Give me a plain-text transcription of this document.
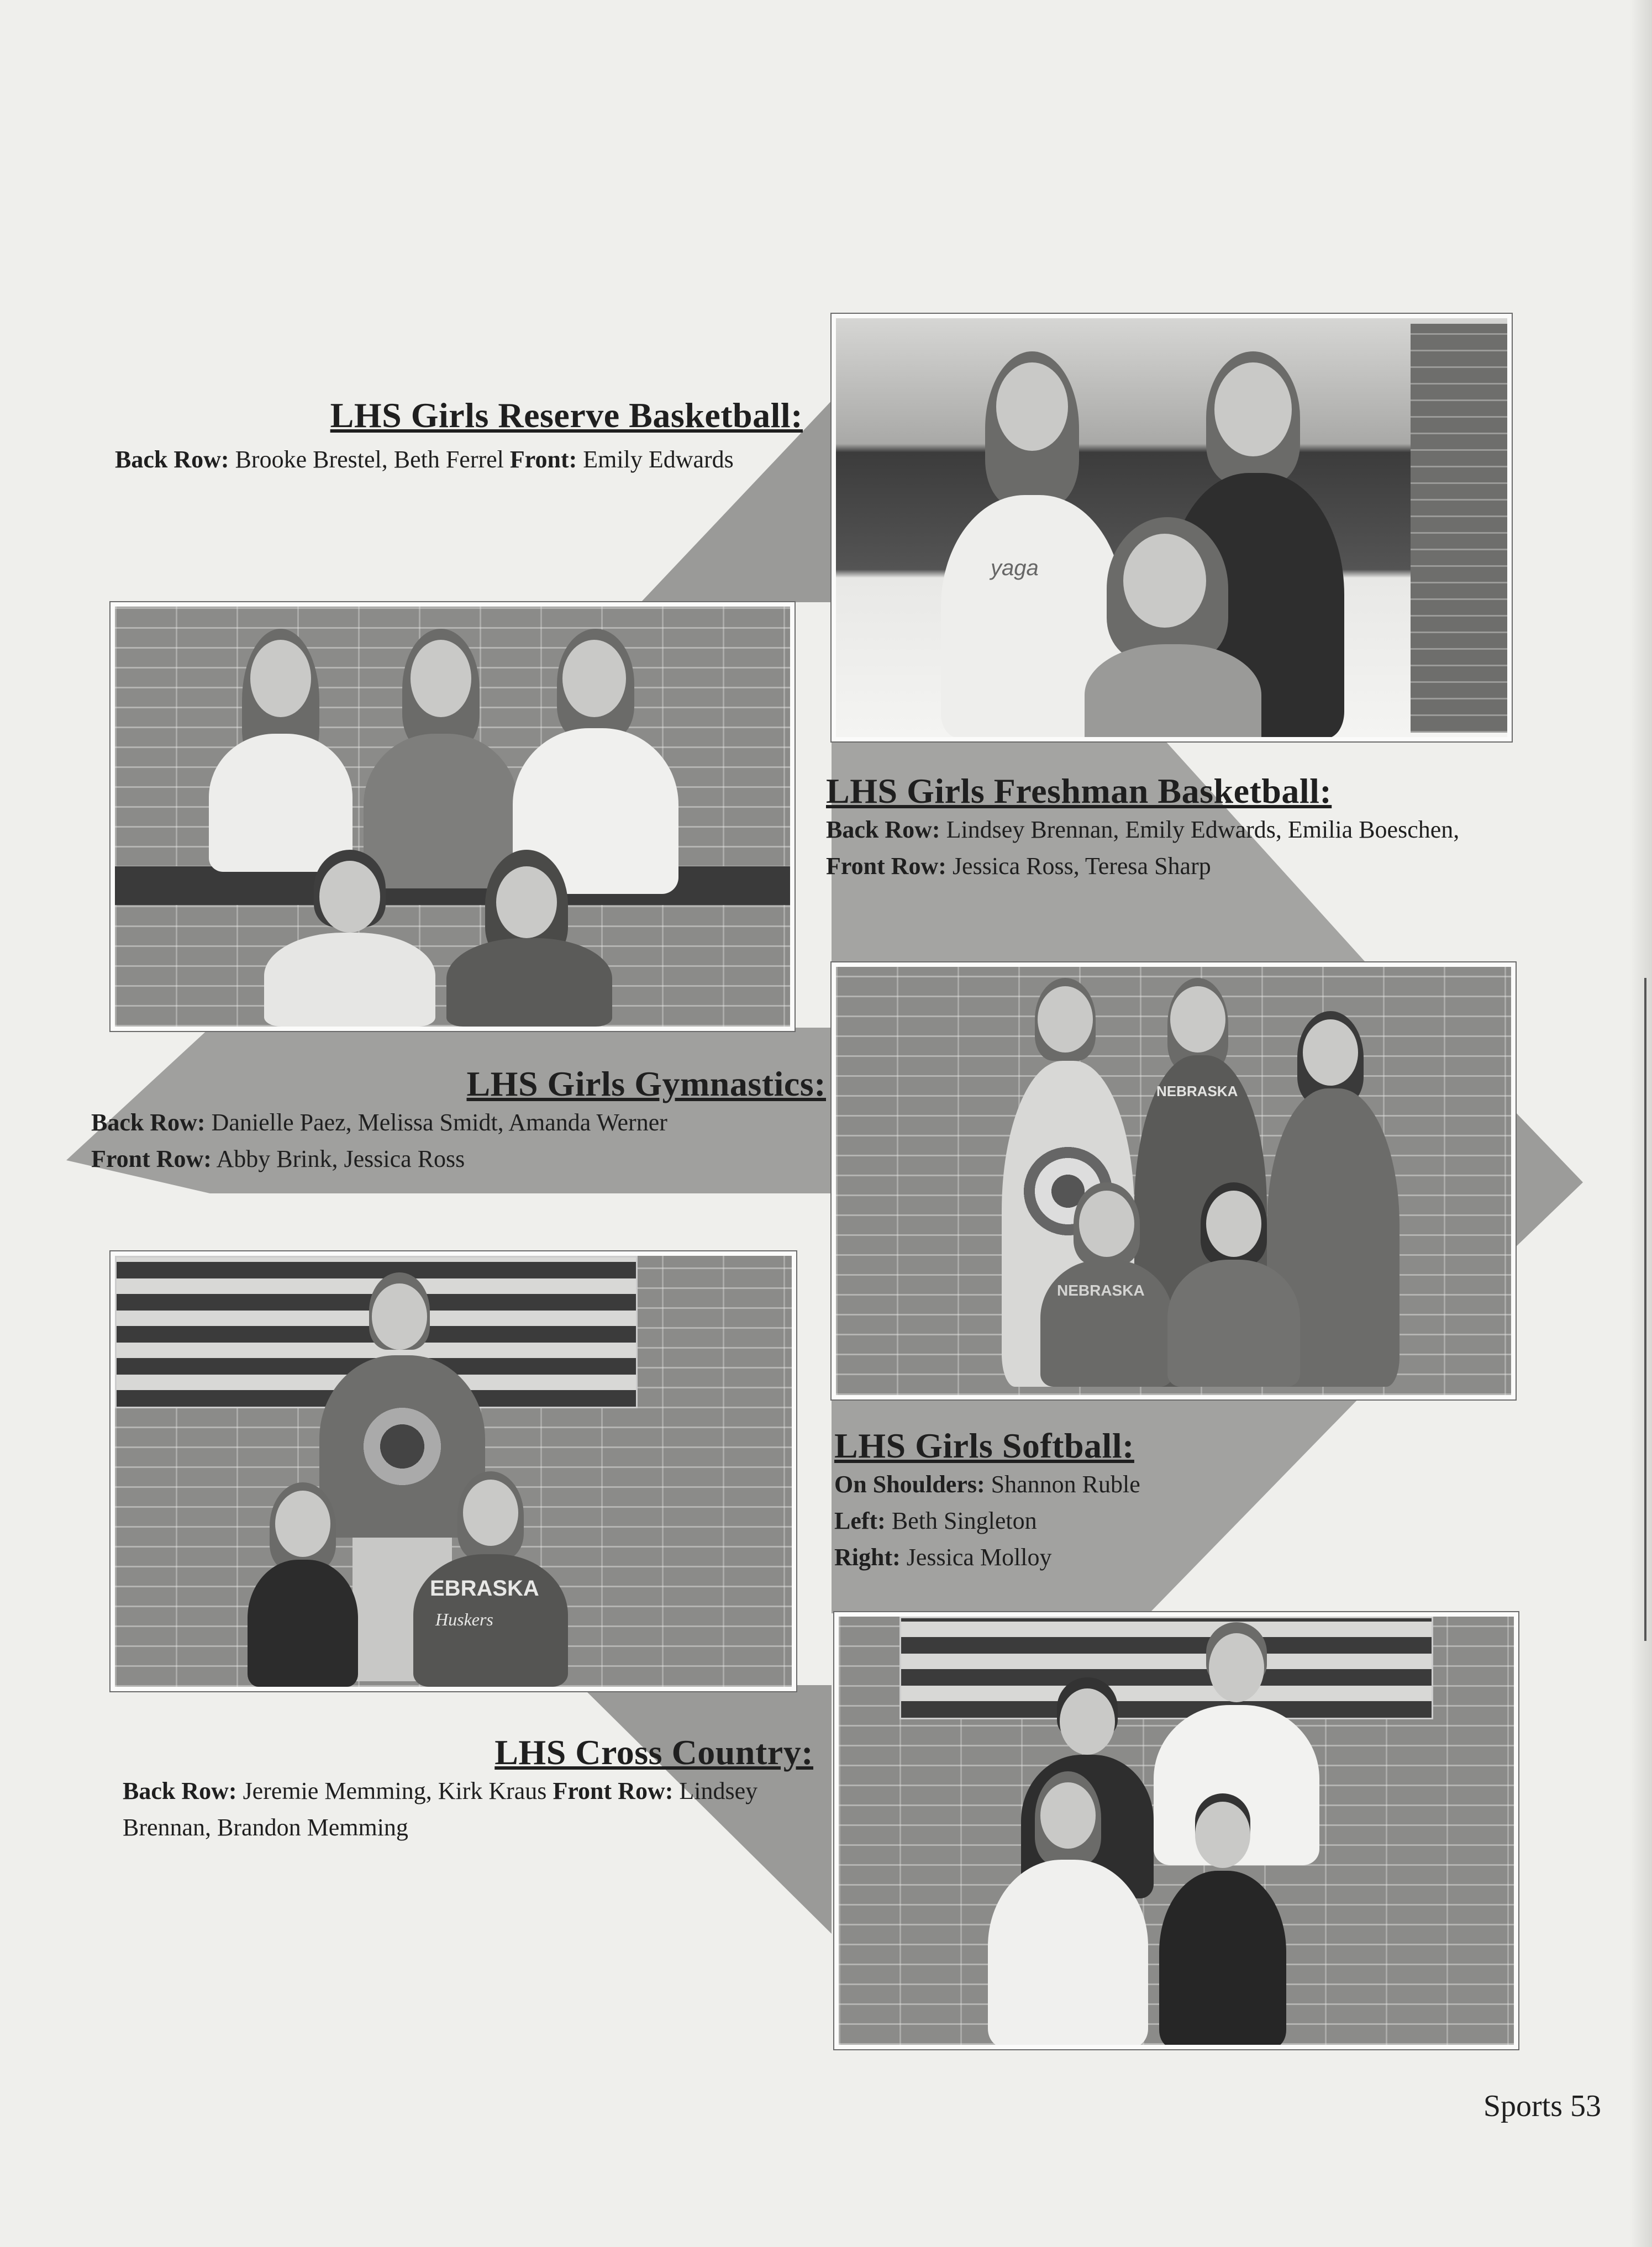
yaga
NEBRASKA
NEBRASKA
EBRASKA
Huskers
LHS Girls Reserve Basketball:
Back Row: Brooke Brestel, Beth Ferrel Front: Emily Edwards
LHS Girls Freshman Basketball:
Back Row: Lindsey Brennan, Emily Edwards, Emilia Boeschen, Front Row: Jessica Ross, Teresa Sharp
LHS Girls Gymnastics:
Back Row: Danielle Paez, Melissa Smidt, Amanda Werner
Front Row: Abby Brink, Jessica Ross
LHS Girls Softball:
On Shoulders: Shannon Ruble
Left: Beth Singleton
Right: Jessica Molloy
LHS Cross Country:
Back Row: Jeremie Memming, Kirk Kraus Front Row: Lindsey Brennan, Brandon Memming
Sports 53
